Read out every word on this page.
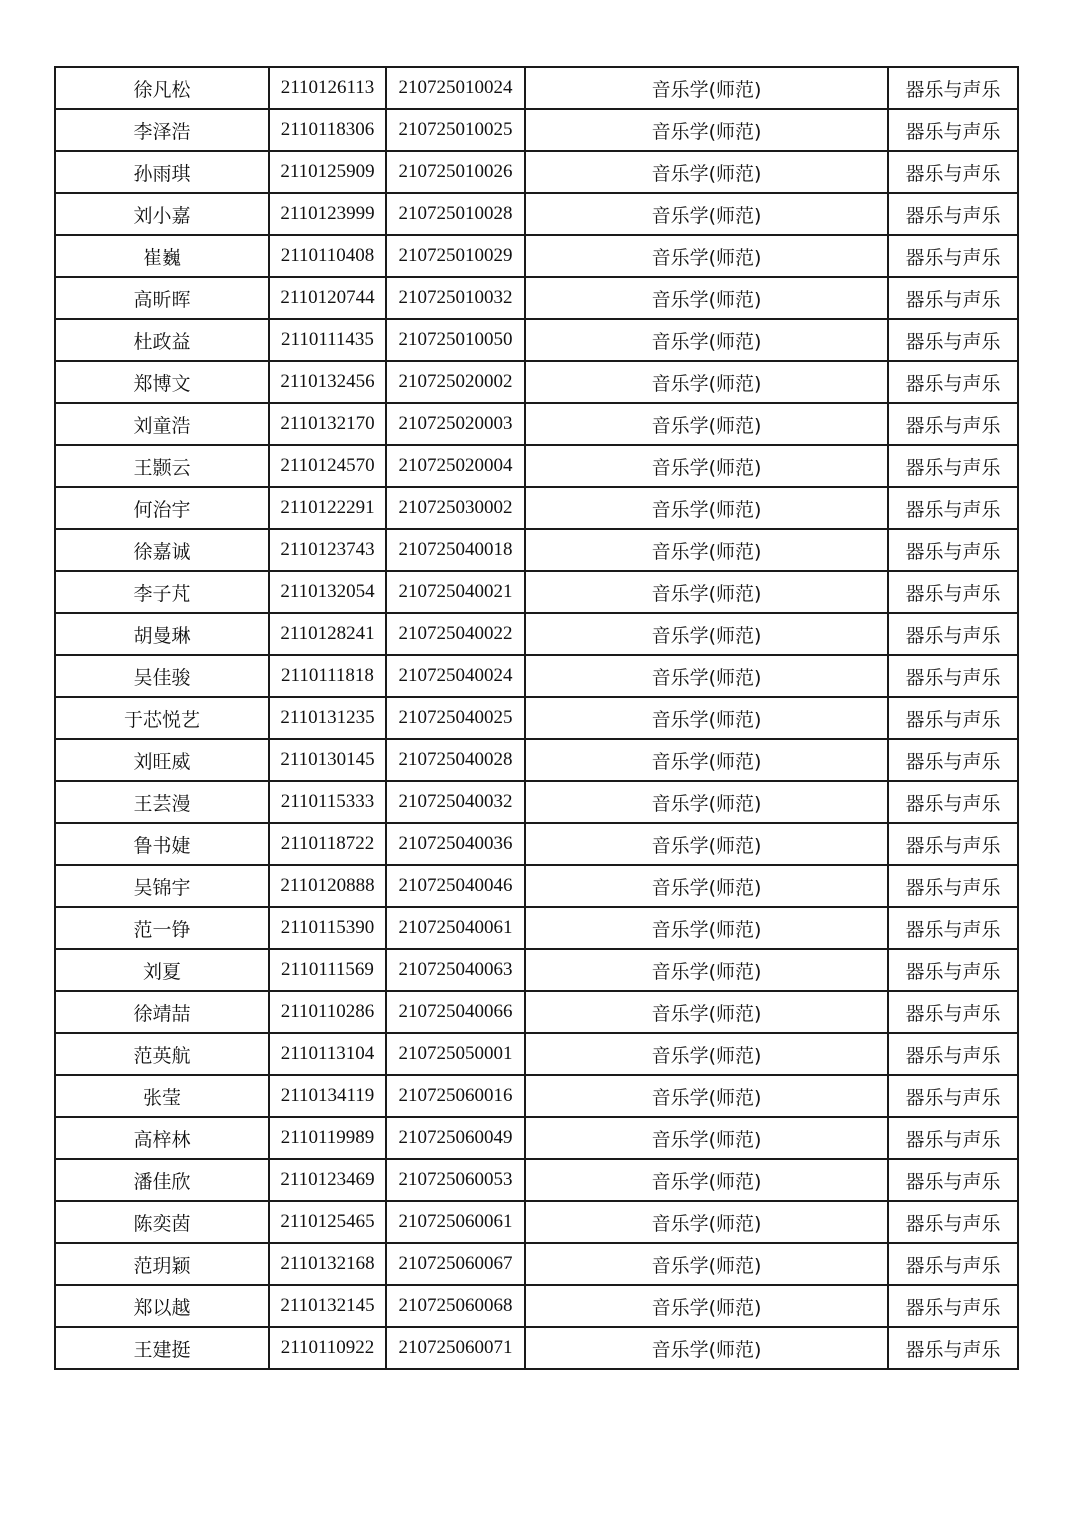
徐凡松	2110126113	210725010024	音乐学(师范)	器乐与声乐
李泽浩	2110118306	210725010025	音乐学(师范)	器乐与声乐
孙雨琪	2110125909	210725010026	音乐学(师范)	器乐与声乐
刘小嘉	2110123999	210725010028	音乐学(师范)	器乐与声乐
崔巍	2110110408	210725010029	音乐学(师范)	器乐与声乐
高昕晖	2110120744	210725010032	音乐学(师范)	器乐与声乐
杜政益	2110111435	210725010050	音乐学(师范)	器乐与声乐
郑博文	2110132456	210725020002	音乐学(师范)	器乐与声乐
刘童浩	2110132170	210725020003	音乐学(师范)	器乐与声乐
王颢云	2110124570	210725020004	音乐学(师范)	器乐与声乐
何治宇	2110122291	210725030002	音乐学(师范)	器乐与声乐
徐嘉诚	2110123743	210725040018	音乐学(师范)	器乐与声乐
李子芃	2110132054	210725040021	音乐学(师范)	器乐与声乐
胡曼琳	2110128241	210725040022	音乐学(师范)	器乐与声乐
吴佳骏	2110111818	210725040024	音乐学(师范)	器乐与声乐
于芯悦艺	2110131235	210725040025	音乐学(师范)	器乐与声乐
刘旺威	2110130145	210725040028	音乐学(师范)	器乐与声乐
王芸漫	2110115333	210725040032	音乐学(师范)	器乐与声乐
鲁书婕	2110118722	210725040036	音乐学(师范)	器乐与声乐
吴锦宇	2110120888	210725040046	音乐学(师范)	器乐与声乐
范一铮	2110115390	210725040061	音乐学(师范)	器乐与声乐
刘夏	2110111569	210725040063	音乐学(师范)	器乐与声乐
徐靖喆	2110110286	210725040066	音乐学(师范)	器乐与声乐
范英航	2110113104	210725050001	音乐学(师范)	器乐与声乐
张莹	2110134119	210725060016	音乐学(师范)	器乐与声乐
高梓林	2110119989	210725060049	音乐学(师范)	器乐与声乐
潘佳欣	2110123469	210725060053	音乐学(师范)	器乐与声乐
陈奕茵	2110125465	210725060061	音乐学(师范)	器乐与声乐
范玥颖	2110132168	210725060067	音乐学(师范)	器乐与声乐
郑以越	2110132145	210725060068	音乐学(师范)	器乐与声乐
王建挺	2110110922	210725060071	音乐学(师范)	器乐与声乐
